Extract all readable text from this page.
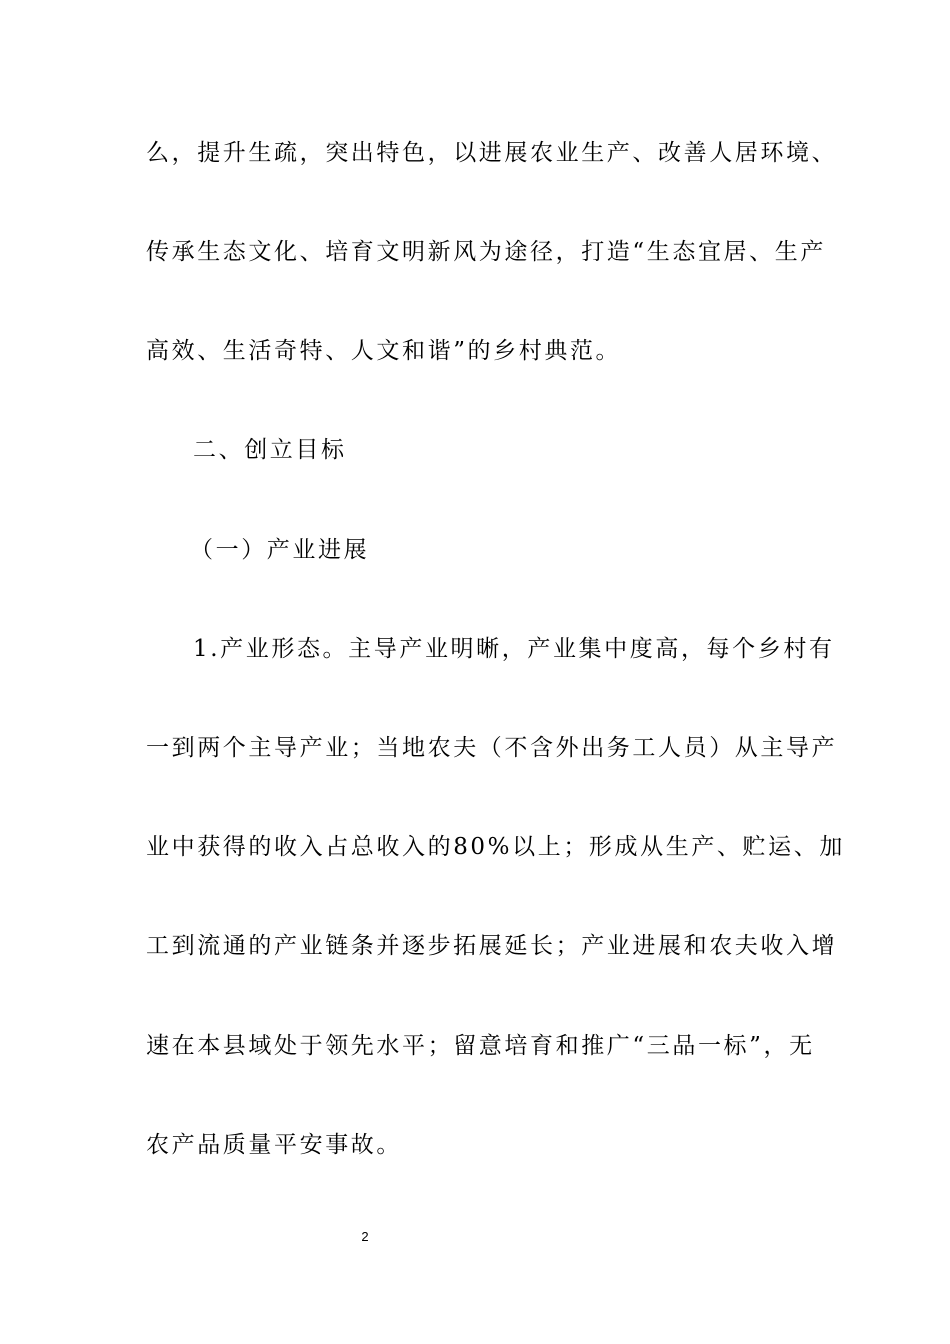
么，提升生疏，突出特色，以进展农业生产、改善人居环境、
传承生态文化、培育文明新风为途径，打造“生态宜居、生产
高效、生活奇特、人文和谐”的乡村典范。
二、创立目标
（一）产业进展
1.产业形态。主导产业明晰，产业集中度高，每个乡村有
一到两个主导产业；当地农夫（不含外出务工人员）从主导产
业中获得的收入占总收入的80%以上；形成从生产、贮运、加
工到流通的产业链条并逐步拓展延长；产业进展和农夫收入增
速在本县域处于领先水平；留意培育和推广“三品一标”，无
农产品质量平安事故。
2
